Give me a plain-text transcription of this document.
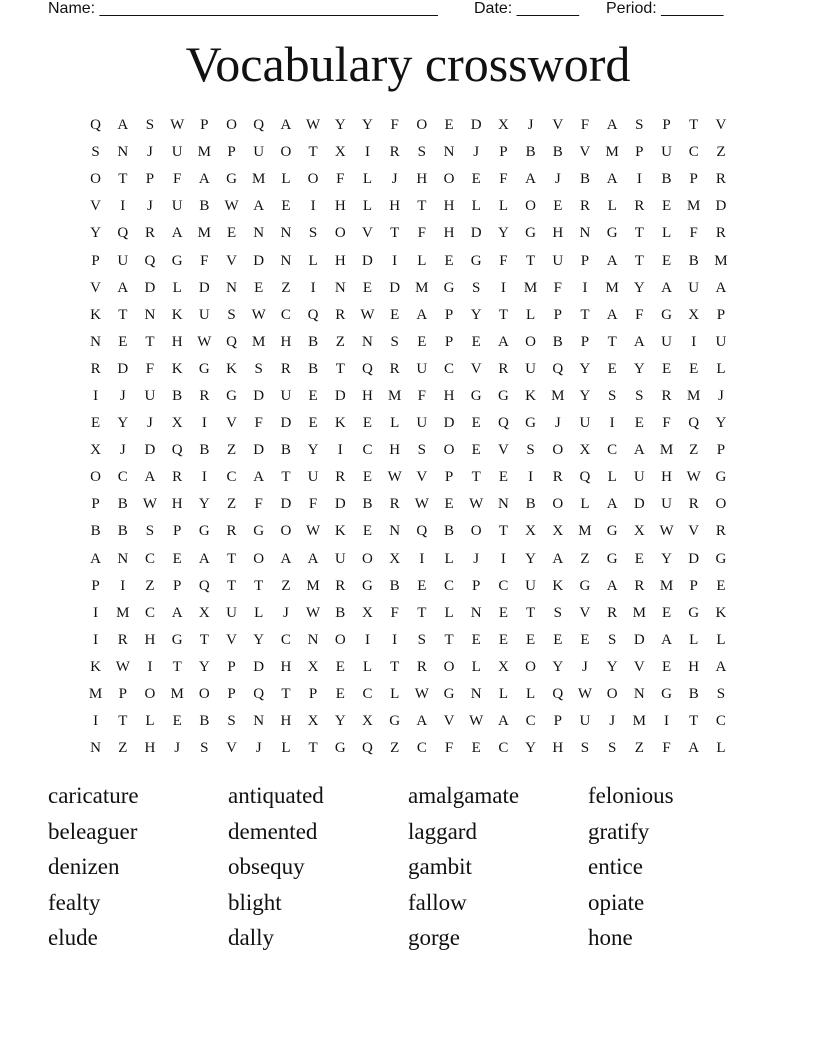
Name: ______________________________________ Date: _______ Period: _______
Vocabulary crossword
Q	A	S	W	P	O	Q	A W Y	Y	F	O	E	D	X	J	V	F	A	S	P	T	V
S	N	J	U	M	P	U	O	T	X	I	R	S	N	J	P	B	B	V	M	P	U	C	Z
O	T	P	F	A	G	M	L	O	F	L	J	H	O	E	F	A	J	B	A	I	B	P	R
V	I	J	U	B	W A	E	I	H	L	H	T	H	L	L	O	E	R	L	R	E	M	D
Y	Q	R	A	M	E	N	N	S	O	V	T	F	H	D	Y	G	H	N	G	T	L	F	R
P	U	Q	G	F	V	D	N	L	H	D	I	L	E	G	F	T	U	P	A	T	E	B	M
V	A	D	L	D	N	E	Z	I	N	E	D	M	G	S	I	M	F	I	M	Y	A	U	A
K	T	N	K	U	S	W	C	Q	R	W	E	A	P	Y	T	L	P	T	A	F	G	X	P
N	E	T	H W Q	M	H	B	Z	N	S	E	P	E	A	O	B	P	T	A	U	I	U
R	D	F	K	G	K	S	R	B	T	Q	R	U	C	V	R	U	Q	Y	E	Y	E	E	L
I	J	U	B	R	G	D	U	E	D	H	M	F	H	G	G	K	M	Y	S	S	R	M	J
E	Y	J	X	I	V	F	D	E	K	E	L	U	D	E	Q	G	J	U	I	E	F	Q	Y
X	J	D	Q	B	Z	D	B	Y	I	C	H	S	O	E	V	S	O	X	C	A	M	Z	P
O	C	A	R	I	C	A	T	U	R	E	W V	P	T	E	I	R	Q	L	U	H W G
P	B	W H	Y	Z	F	D	F	D	B	R	W	E	W N	B	O	L	A	D	U	R	O
B	B	S	P	G	R	G	O W K	E	N	Q	B	O	T	X	X	M	G	X W V	R
A	N	C	E	A	T	O	A	A	U	O	X	I	L	J	I	Y	A	Z	G	E	Y	D	G
P	I	Z	P	Q	T	T	Z	M	R	G	B	E	C	P	C	U	K	G	A	R	M	P	E
I	M	C	A	X	U	L	J	W	B	X	F	T	L	N	E	T	S	V	R	M	E	G	K
I	R	H	G	T	V	Y	C	N	O	I	I	S	T	E	E	E	E	E	S	D	A	L	L
K W	I	T	Y	P	D	H	X	E	L	T	R	O	L	X	O	Y	J	Y	V	E	H	A
M	P	O	M	O	P	Q	T	P	E	C	L	W G	N	L	L	Q W O	N	G	B	S
I	T	L	E	B	S	N	H	X	Y	X	G	A	V W A	C	P	U	J	M	I	T	C
N	Z	H	J	S	V	J	L	T	G	Q	Z	C	F	E	C	Y	H	S	S	Z	F	A	L
caricature	antiquated	amalgamate	felonious
beleaguer	demented	laggard	gratify
denizen	obsequy	gambit	entice
fealty	blight	fallow	opiate
elude	dally	gorge	hone
